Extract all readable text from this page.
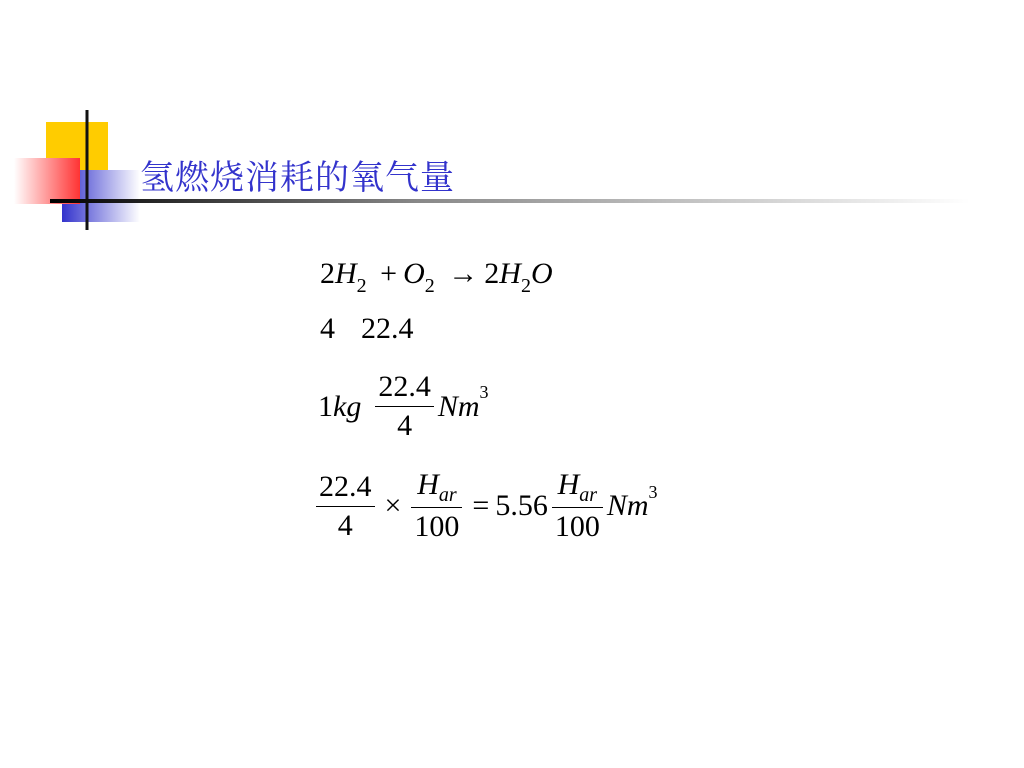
氢燃烧消耗的氧气量
$2H_2 + O_2 \to 2H_2O$
4 22.4
1 kg $\frac{22.4}{4}$ Nm 3
$\frac{22.4}{4} \times \frac{H_{ar}}{100} = 5.56 \frac{H_{ar}}{100}$ Nm 3
